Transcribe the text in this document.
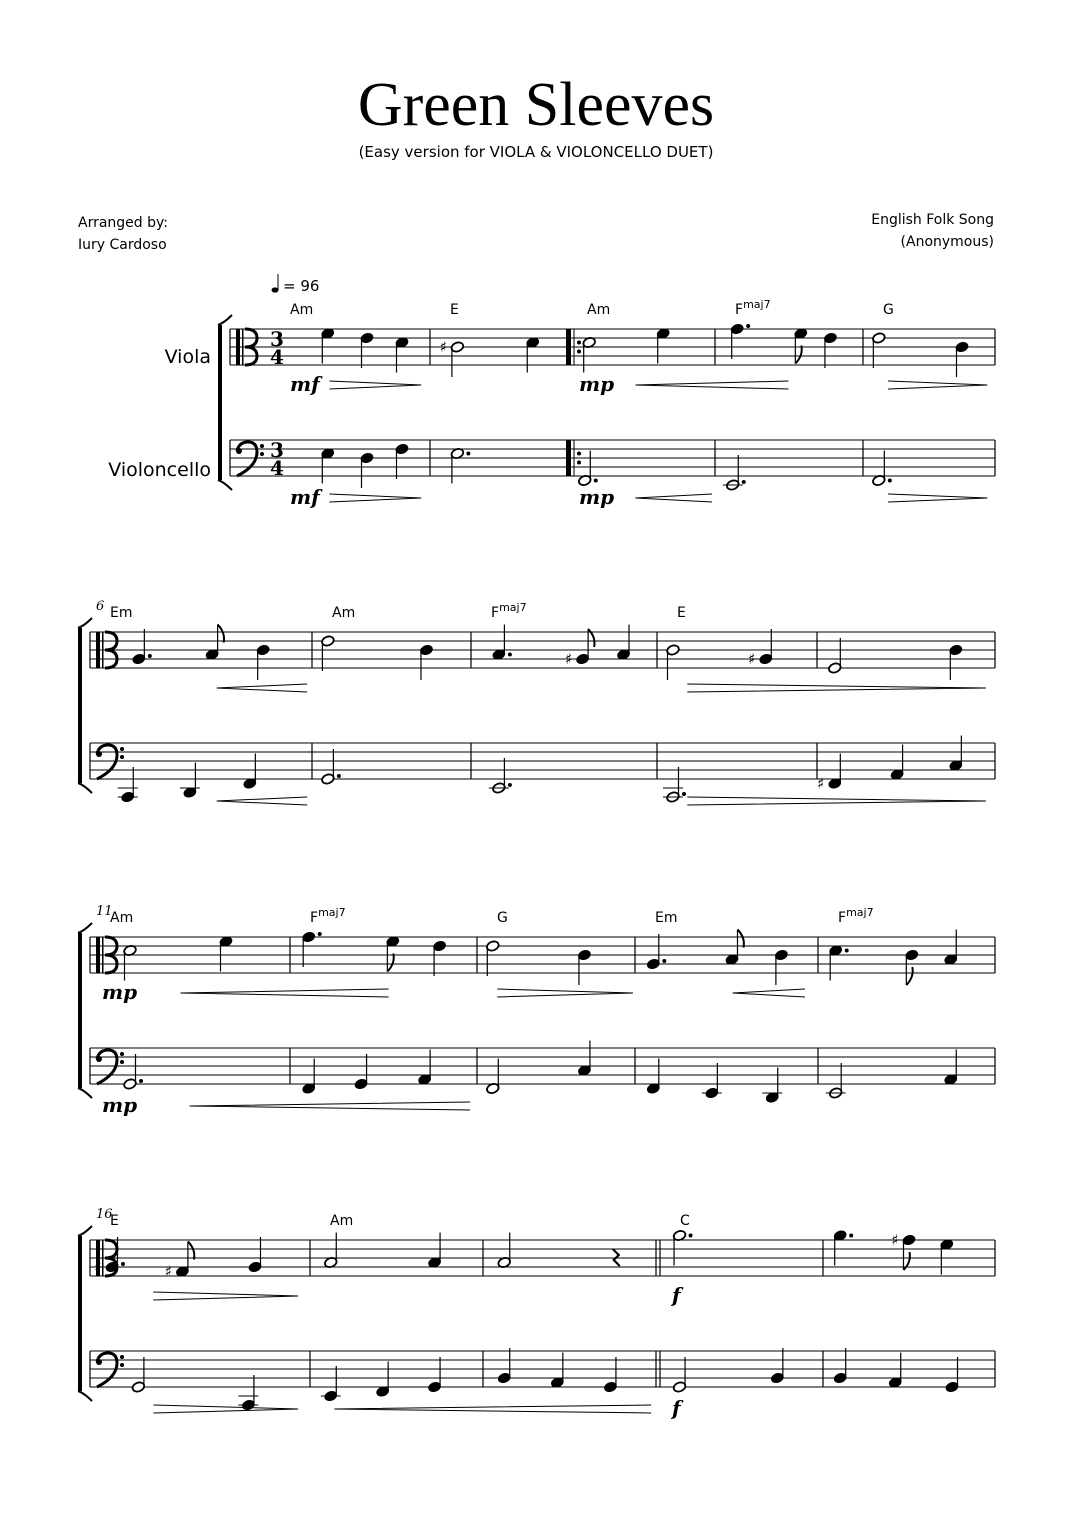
Green Sleeves
(Easy version for VIOLA & VIOLONCELLO DUET)
Arranged by:
Iury Cardoso
English Folk Song
(Anonymous)
= 96
3
4
3
4
Viola
Violoncello
Am	E	Am	$F^{maj7}$	G
♯
mf	mp
mf	mp
6 Em	Am	$F^{maj7}$	E
♯	♯
♯
11
Am	$F^{maj7}$	G	Em	$F^{maj7}$
mp
mp
16
E	Am	C
♯	♯
♯
f
f
